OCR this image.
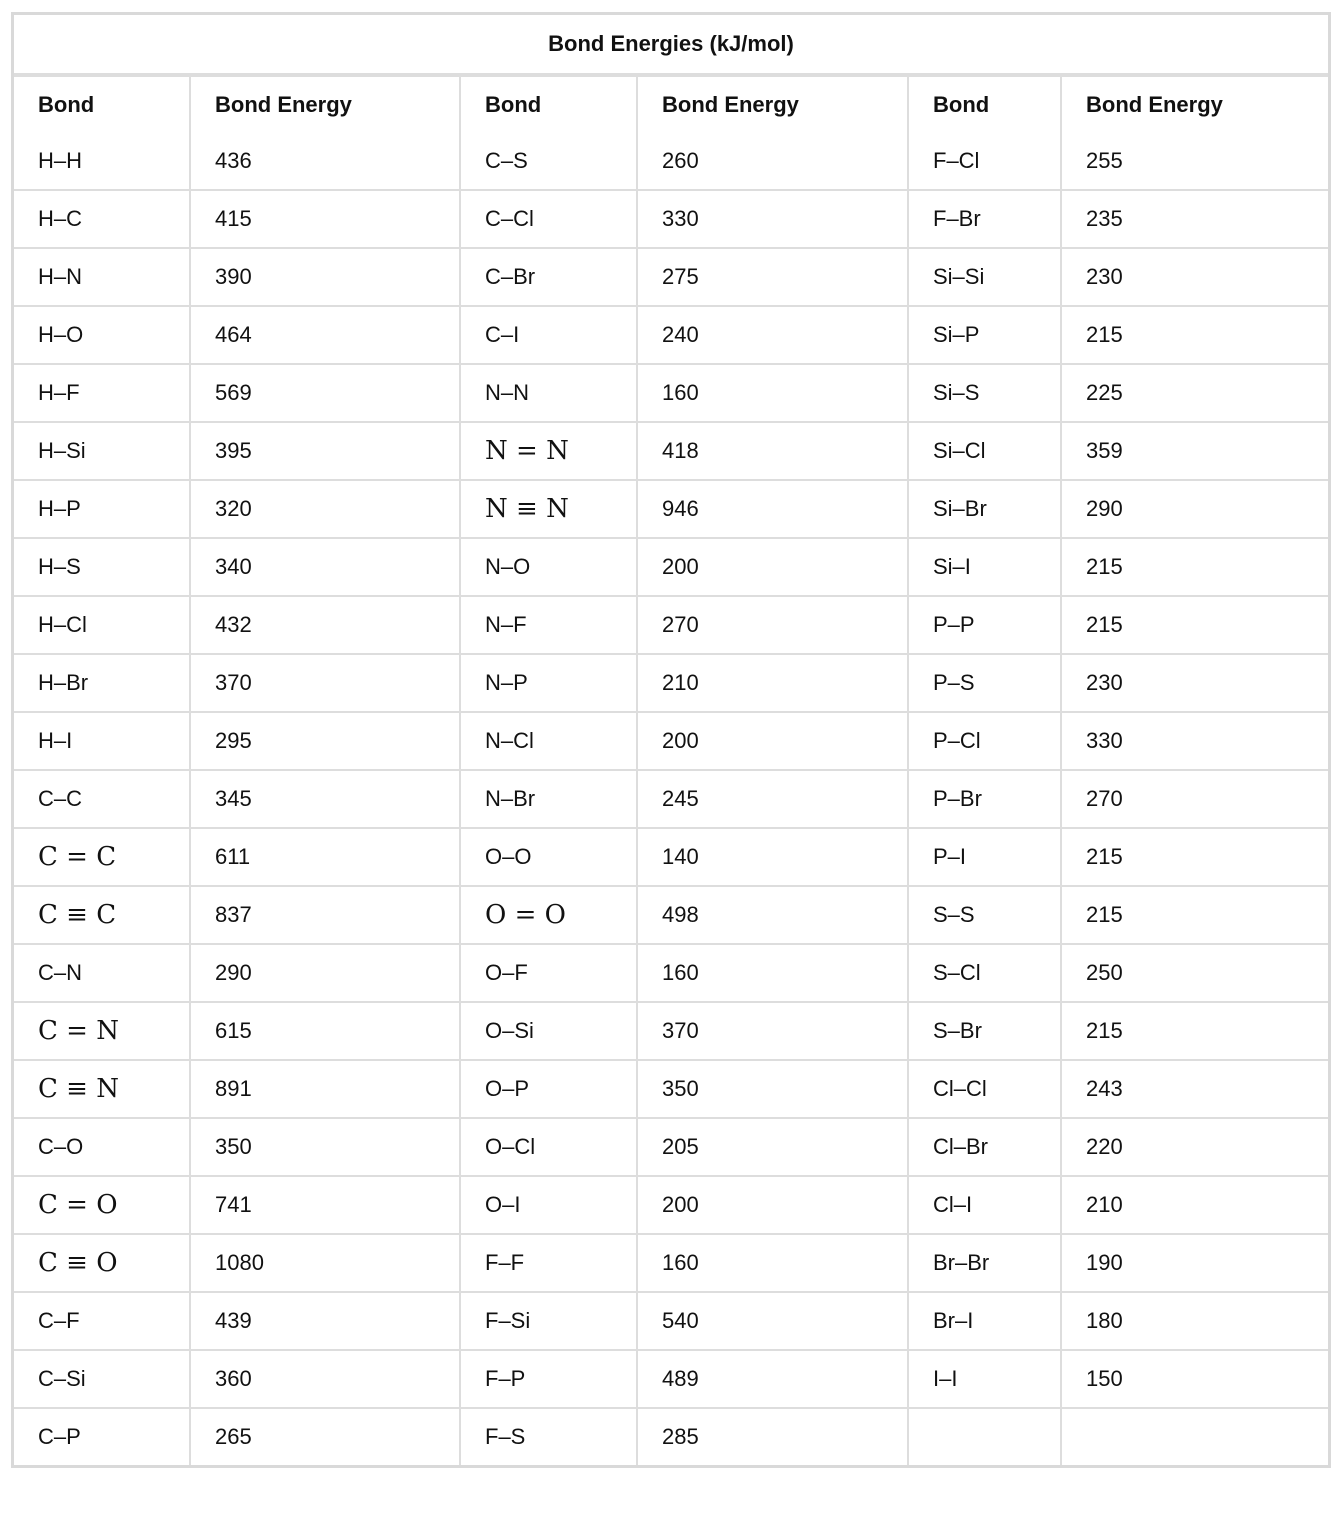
Bond Energies (kJ/mol)					
Bond	Bond Energy	Bond	Bond Energy	Bond	Bond Energy
H–H	436	C–S	260	F–Cl	255
H–C	415	C–Cl	330	F–Br	235
H–N	390	C–Br	275	Si–Si	230
H–O	464	C–I	240	Si–P	215
H–F	569	N–N	160	Si–S	225
H–Si	395	N = N	418	Si–Cl	359
H–P	320	N ≡ N	946	Si–Br	290
H–S	340	N–O	200	Si–I	215
H–Cl	432	N–F	270	P–P	215
H–Br	370	N–P	210	P–S	230
H–I	295	N–Cl	200	P–Cl	330
C–C	345	N–Br	245	P–Br	270
C = C	611	O–O	140	P–I	215
C ≡ C	837	O = O	498	S–S	215
C–N	290	O–F	160	S–Cl	250
C = N	615	O–Si	370	S–Br	215
C ≡ N	891	O–P	350	Cl–Cl	243
C–O	350	O–Cl	205	Cl–Br	220
C = O	741	O–I	200	Cl–I	210
C ≡ O	1080	F–F	160	Br–Br	190
C–F	439	F–Si	540	Br–I	180
C–Si	360	F–P	489	I–I	150
C–P	265	F–S	285		
